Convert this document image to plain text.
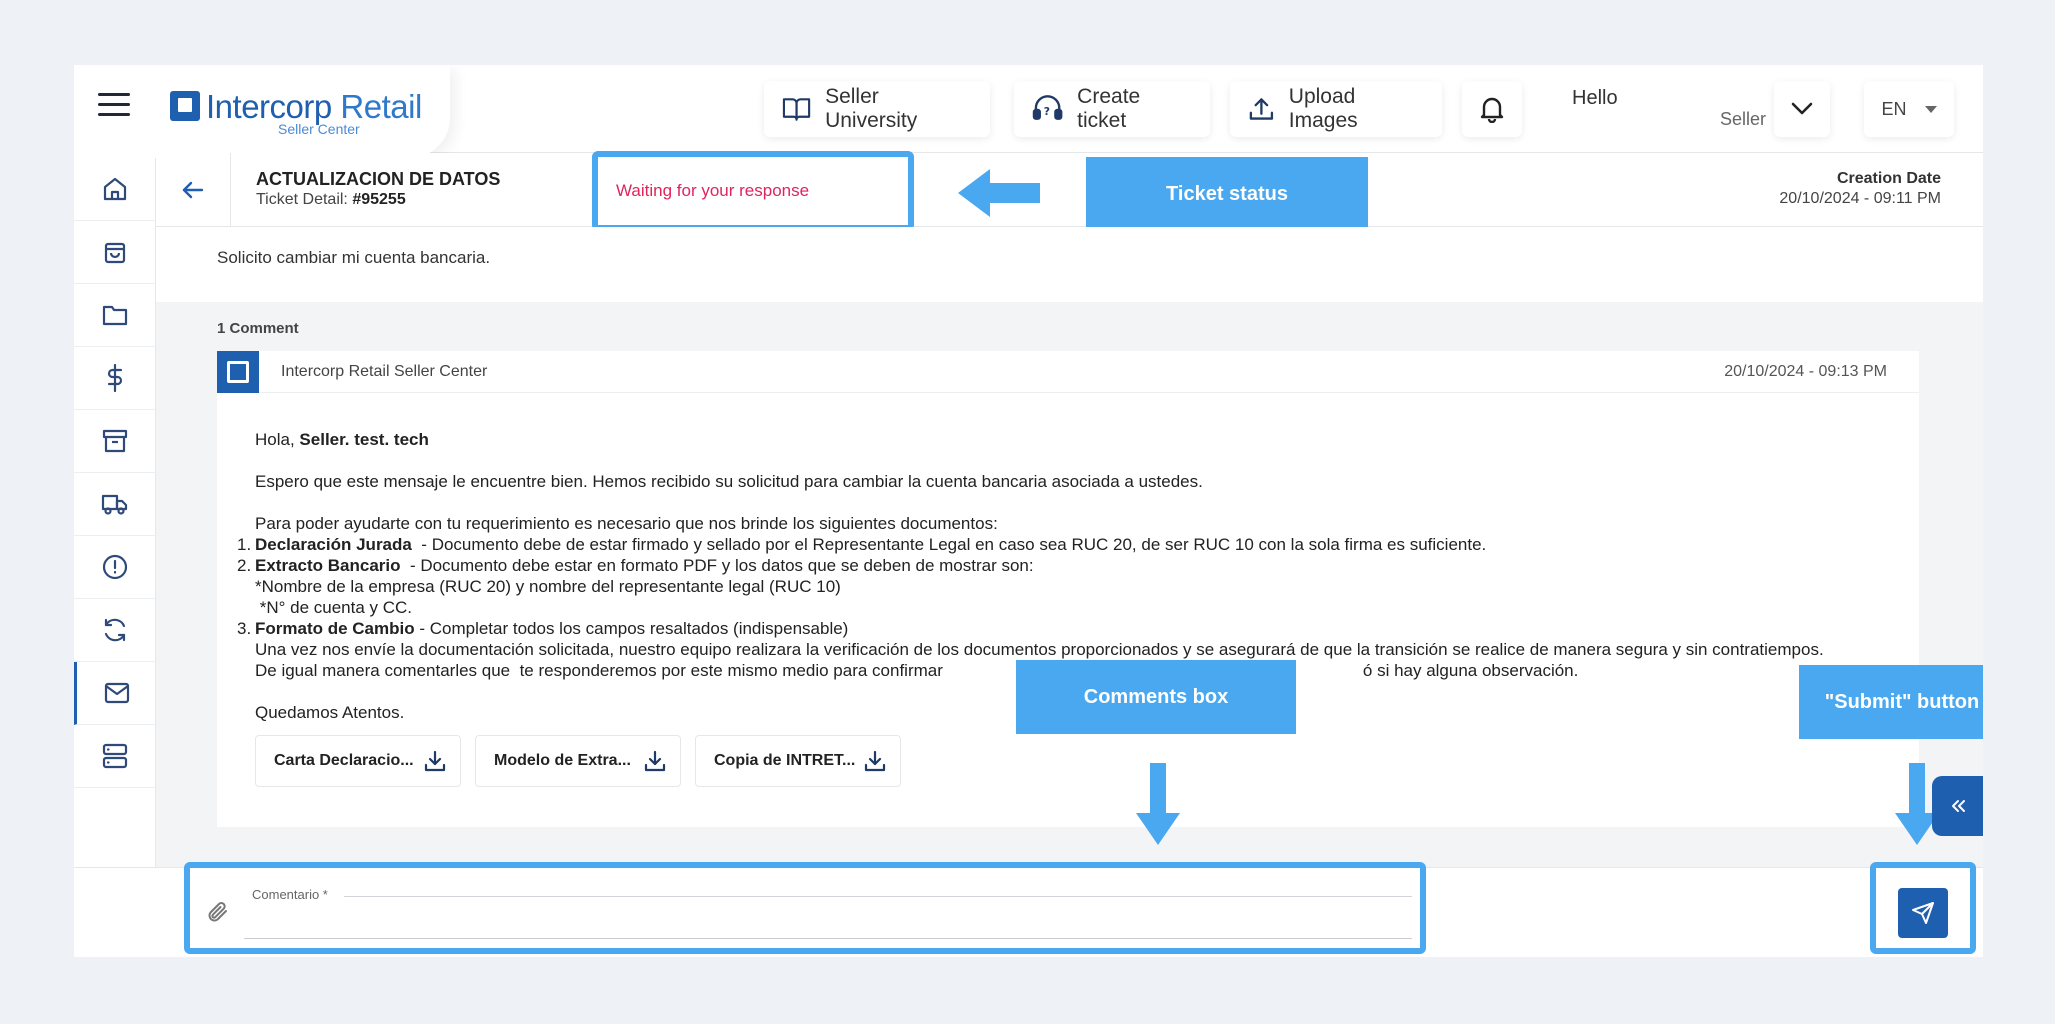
Intercorp Retail
Seller Center
Seller University	?
Create ticket
Upload Images
Hello
Seller
EN
ACTUALIZACION DE DATOS
Ticket Detail: #95255	Waiting for your response	Ticket status
Creation Date
20/10/2024 - 09:11 PM
Solicito cambiar mi cuenta bancaria.
1 Comment
Intercorp Retail Seller Center	20/10/2024 - 09:13 PM

Hola, Seller. test. tech

Espero que este mensaje le encuentre bien. Hemos recibido su solicitud para cambiar la cuenta bancaria asociada a ustedes.

Para poder ayudarte con tu requerimiento es necesario que nos brinde los siguientes documentos:

1. Declaración Jurada  - Documento debe de estar firmado y sellado por el Representante Legal en caso sea RUC 20, de ser RUC 10 con la sola firma es suficiente.
2. Extracto Bancario  - Documento debe estar en formato PDF y los datos que se deben de mostrar son:
*Nombre de la empresa (RUC 20) y nombre del representante legal (RUC 10)
*N° de cuenta y CC.
3. Formato de Cambio - Completar todos los campos resaltados (indispensable)

Una vez nos envíe la documentación solicitada, nuestro equipo realizara la verificación de los documentos proporcionados y se asegurará de que la transición se realice de manera segura y sin contratiempos.

De igual manera comentarles que  te responderemos por este mismo medio para confirmar	ó si hay alguna observación.

Quedamos Atentos.

Carta Declaracio...	Modelo de Extra...	Copia de INTRET...
Comments box	"Submit" button
Comentario *
